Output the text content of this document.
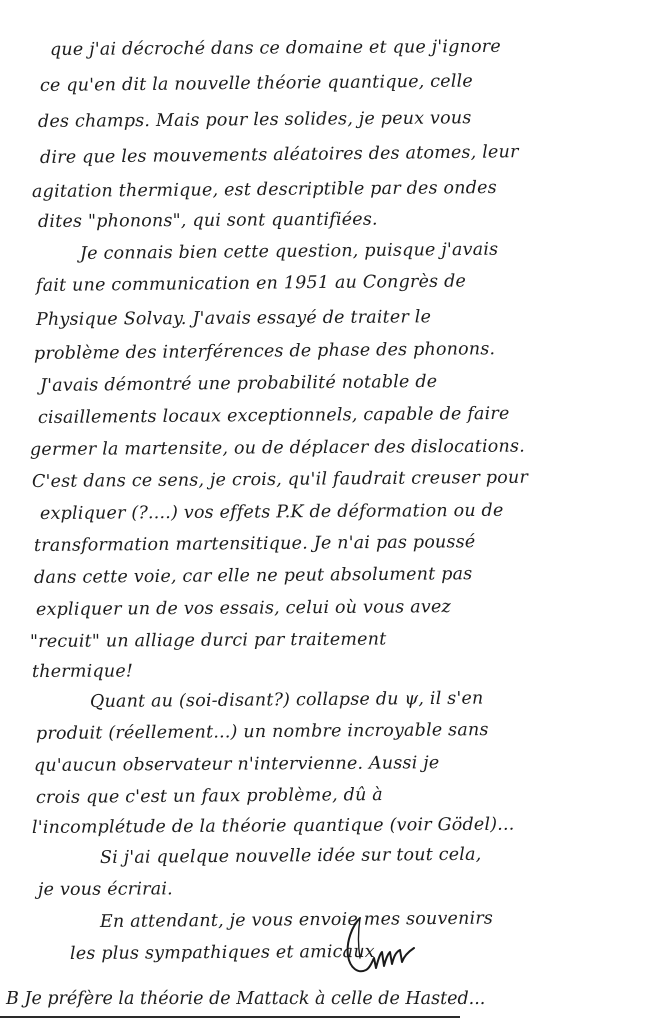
que j'ai décroché dans ce domaine et que j'ignore
ce qu'en dit la nouvelle théorie quantique, celle
des champs. Mais pour les solides, je peux vous
dire que les mouvements aléatoires des atomes, leur
agitation thermique, est descriptible par des ondes
dites "phonons", qui sont quantifiées.
Je connais bien cette question, puisque j'avais
fait une communication en 1951 au Congrès de
Physique Solvay. J'avais essayé de traiter le
problème des interférences de phase des phonons.
J'avais démontré une probabilité notable de
cisaillements locaux exceptionnels, capable de faire
germer la martensite, ou de déplacer des dislocations.
C'est dans ce sens, je crois, qu'il faudrait creuser pour
expliquer (?....) vos effets P.K de déformation ou de
transformation martensitique. Je n'ai pas poussé
dans cette voie, car elle ne peut absolument pas
expliquer un de vos essais, celui où vous avez
"recuit" un alliage durci par traitement
thermique!
Quant au (soi-disant?) collapse du ψ, il s'en
produit (réellement...) un nombre incroyable sans
qu'aucun observateur n'intervienne. Aussi je
crois que c'est un faux problème, dû à
l'incomplétude de la théorie quantique (voir Gödel)...
Si j'ai quelque nouvelle idée sur tout cela,
je vous écrirai.
En attendant, je vous envoie mes souvenirs
les plus sympathiques et amicaux
B Je préfère la théorie de Mattack à celle de Hasted...
